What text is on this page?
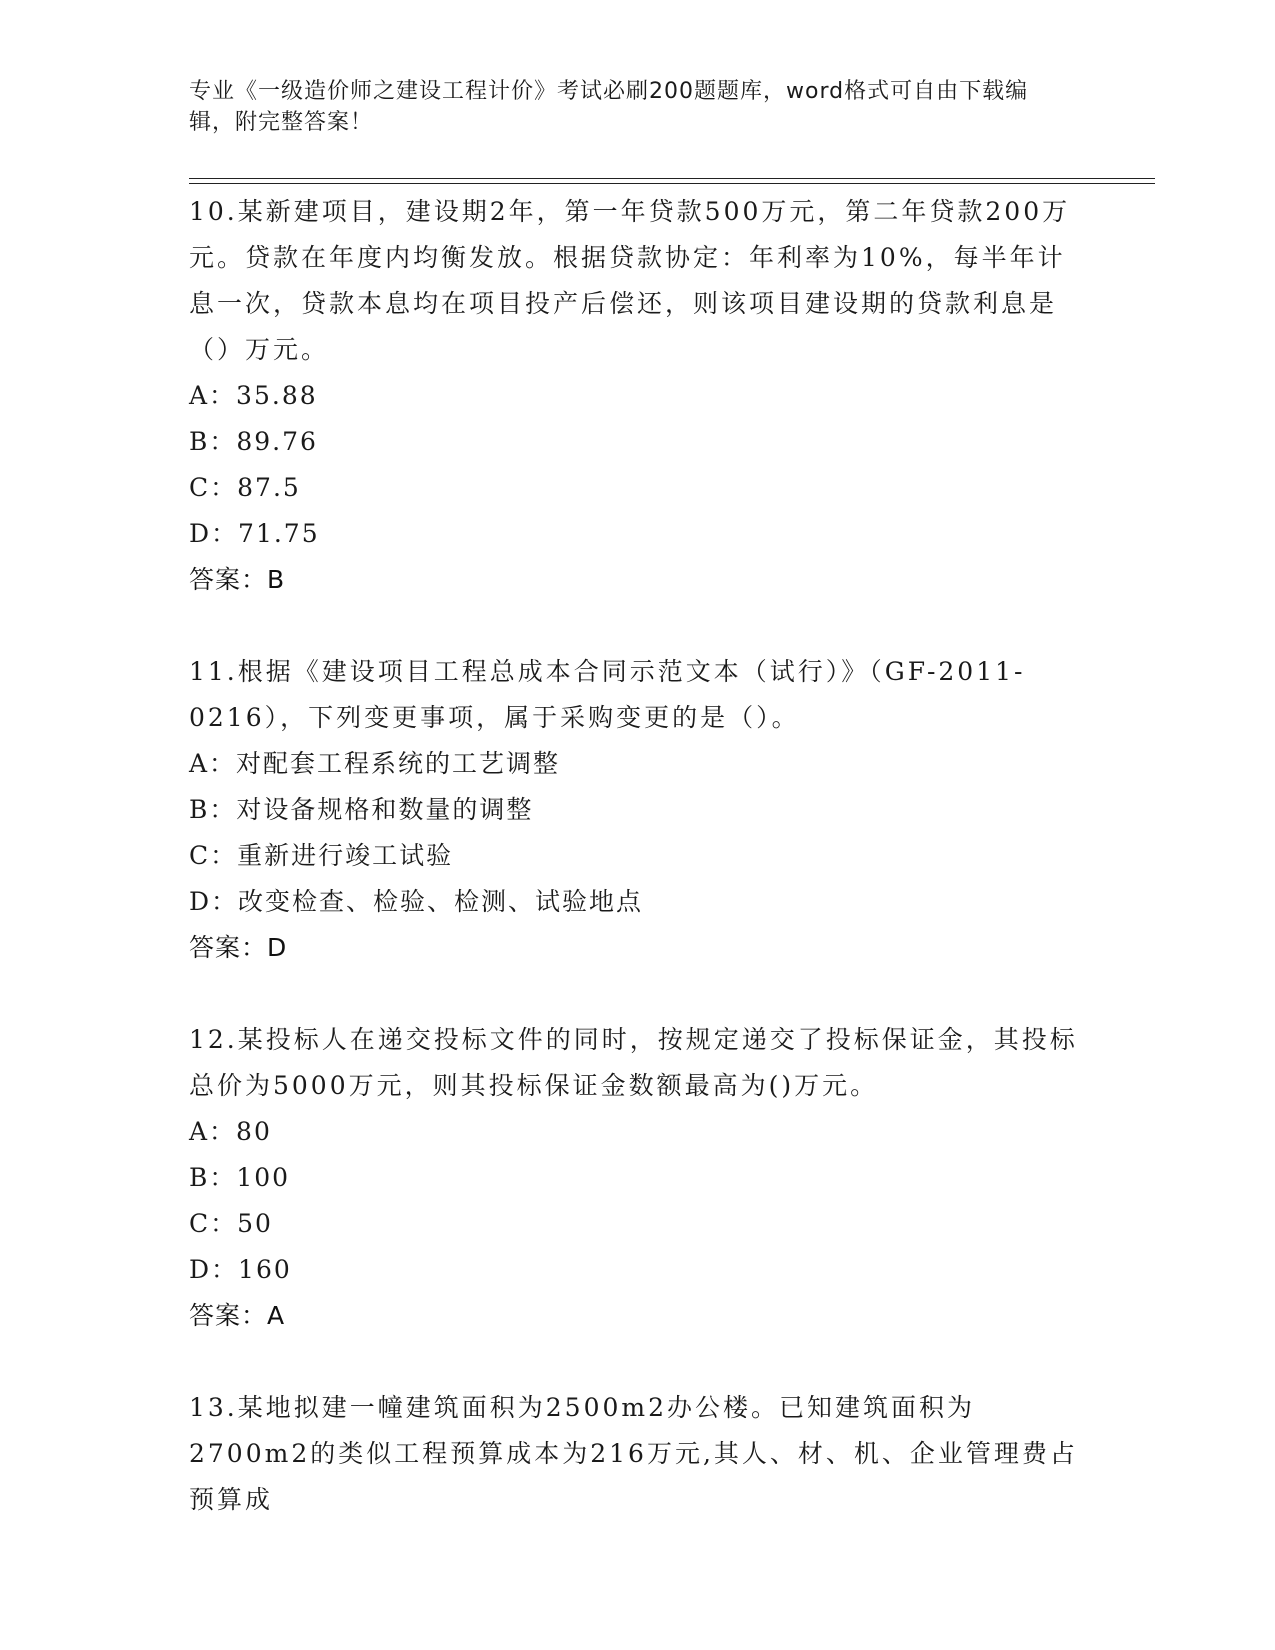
专业《一级造价师之建设工程计价》考试必刷200题题库，word格式可自由下载编辑，附完整答案！
10.某新建项目，建设期2年，第一年贷款500万元，第二年贷款200万元。贷款在年度内均衡发放。根据贷款协定：年利率为10%，每半年计息一次，贷款本息均在项目投产后偿还，则该项目建设期的贷款利息是（）万元。
A：35.88
B：89.76
C：87.5
D：71.75
答案：B
11.根据《建设项目工程总成本合同示范文本（试行）》（GF-2011-0216），下列变更事项，属于采购变更的是（）。
A：对配套工程系统的工艺调整
B：对设备规格和数量的调整
C：重新进行竣工试验
D：改变检查、检验、检测、试验地点
答案：D
12.某投标人在递交投标文件的同时，按规定递交了投标保证金，其投标总价为5000万元，则其投标保证金数额最高为()万元。
A：80
B：100
C：50
D：160
答案：A
13.某地拟建一幢建筑面积为2500m2办公楼。已知建筑面积为2700m2的类似工程预算成本为216万元,其人、材、机、企业管理费占预算成
